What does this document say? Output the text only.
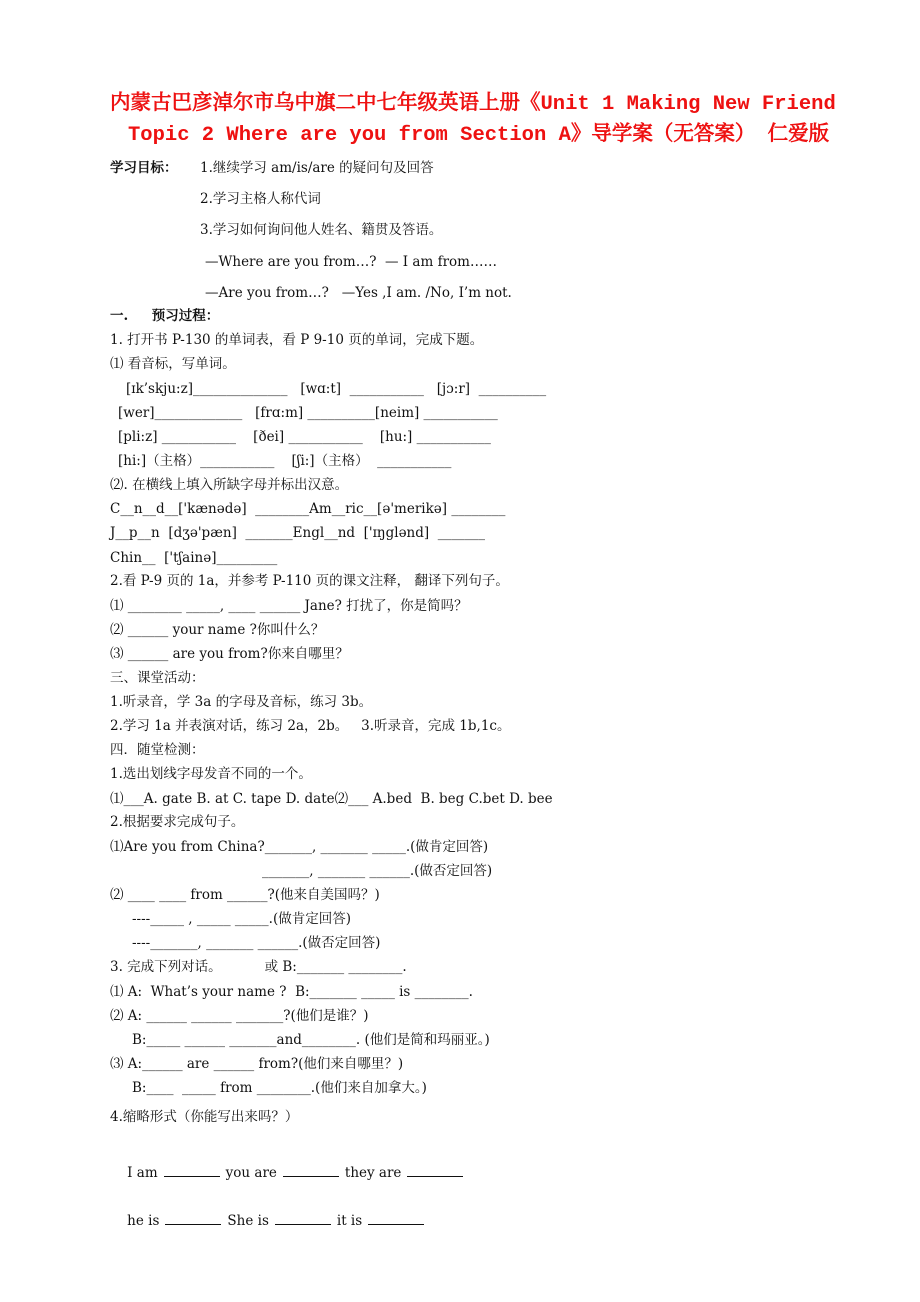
内蒙古巴彦淖尔市乌中旗二中七年级英语上册《Unit 1 Making New Friend
Topic 2 Where are you from Section A》导学案（无答案） 仁爱版
学习目标： 1.继续学习 am/is/are 的疑问句及回答
2.学习主格人称代词
3.学习如何询问他人姓名、籍贯及答语。
—Where are you from…?  — I am from……
—Are you from…?   —Yes ,I am. /No, I’m not.
一.     预习过程：
1. 打开书 P-130 的单词表，看 P 9-10 页的单词，完成下题。
⑴ 看音标，写单词。
[ɪk’skju:z]______________   [wɑ:t]  ___________   [jɔ:r]  __________
[wer]_____________   [frɑ:m] __________[neim] ___________
[pli:z] ___________    [ðei] ___________    [hu:] ___________
[hi:]（主格）___________    [ʃi:]（主格）  ___________
⑵. 在横线上填入所缺字母并标出汉意。
C__n__d__['kænədə]  ________Am__ric__[ə'merikə] ________
J__p__n  [dʒə'pæn]  _______Engl__nd  ['ɪŋglənd]  _______
Chin__  ['tʃainə]_________
2.看 P-9 页的 1a，并参考 P-110 页的课文注释， 翻译下列句子。
⑴ ________ _____, ____ ______ Jane? 打扰了，你是简吗？
⑵ ______ your name ?你叫什么？
⑶ ______ are you from?你来自哪里？
三、课堂活动：
1.听录音，学 3a 的字母及音标，练习 3b。
2.学习 1a 并表演对话，练习 2a，2b。   3.听录音，完成 1b,1c。
四．随堂检测：
1.选出划线字母发音不同的一个。
⑴___A. gate B. at C. tape D. date⑵___ A.bed  B. beg C.bet D. bee
2.根据要求完成句子。
⑴Are you from China?_______, _______ _____.(做肯定回答)
_______, _______ ______.(做否定回答)
⑵ ____ ____ from ______?(他来自美国吗？)
----_____ , _____ _____.(做肯定回答)
----_______, _______ ______.(做否定回答)
3. 完成下列对话。          或 B:_______ ________.
⑴ A:  What’s your name ?  B:_______ _____ is ________.
⑵ A: ______ ______ _______?(他们是谁？)
B:_____ ______ _______and________. (他们是简和玛丽亚。)
⑶ A:______ are ______ from?(他们来自哪里？)
B:____  _____ from ________.(他们来自加拿大。)
4.缩略形式（你能写出来吗？）

I am	you are	they are

he is	She is	it is
